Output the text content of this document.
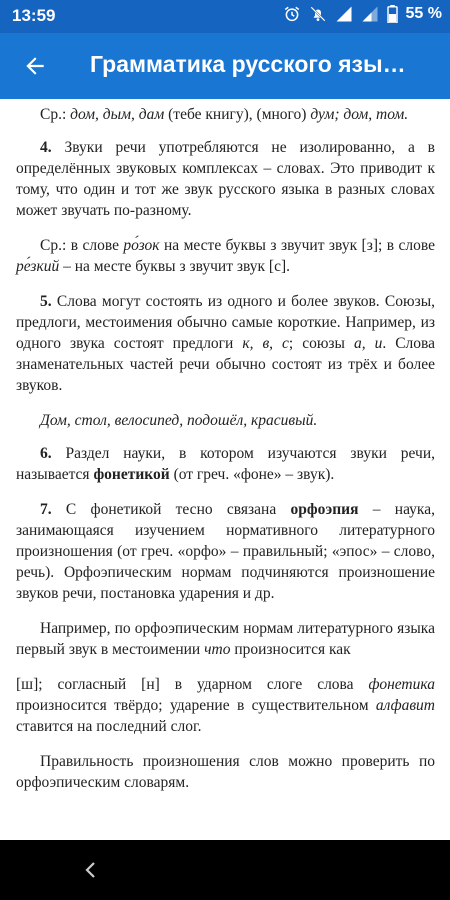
13:59	55 %
Грамматика русского язы…

Ср.: дом, дым, дам (тебе книгу), (много) дум; дом, том.

4. Звуки речи употребляются не изолированно, а в определённых звуковых комплексах – словах. Это приводит к тому, что один и тот же звук русского языка в разных словах может звучать по-разному.

Ср.: в слове ро́зок на месте буквы з звучит звук [з]; в слове ре́зкий – на месте буквы з звучит звук [с].

5. Слова могут состоять из одного и более звуков. Союзы, предлоги, местоимения обычно самые короткие. Например, из одного звука состоят предлоги к, в, с; союзы а, и. Слова знаменательных частей речи обычно состоят из трёх и более звуков.

Дом, стол, велосипед, подошёл, красивый.

6. Раздел науки, в котором изучаются звуки речи, называется фонетикой (от греч. «фоне» – звук).

7. С фонетикой тесно связана орфоэпия – наука, занимающаяся изучением нормативного литературного произношения (от греч. «орфо» – правильный; «эпос» – слово, речь). Орфоэпическим нормам подчиняются произношение звуков речи, постановка ударения и др.

Например, по орфоэпическим нормам литературного языка первый звук в местоимении что произносится как

[ш]; согласный [н] в ударном слоге слова фонетика произносится твёрдо; ударение в существительном алфавит ставится на последний слог.

Правильность произношения слов можно проверить по орфоэпическим словарям.
